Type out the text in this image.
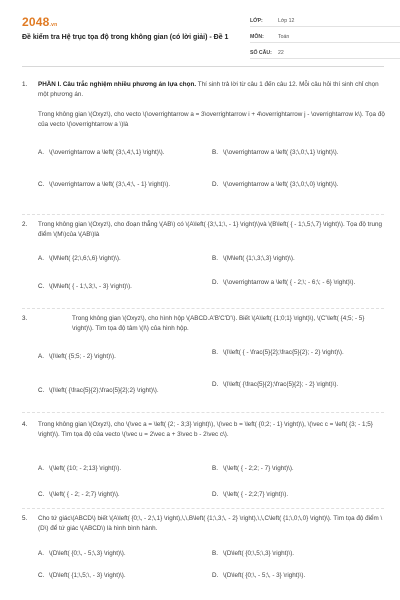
2048.vn
Đề kiểm tra Hệ trục tọa độ trong không gian (có lời giải) - Đề 1
LỚP:	Lớp 12
MÔN:	Toán
SỐ CÂU:	22
1. PHẦN I. Câu trắc nghiệm nhiều phương án lựa chọn. Thí sinh trả lời từ câu 1 đến câu 12. Mỗi câu hỏi thí sinh chỉ chọn một phương án.
Trong không gian \(Oxyz\), cho vecto \(\overrightarrow a = 3\overrightarrow i + 4\overrightarrow j - \overrightarrow k\). Tọa độ của vecto \(\overrightarrow a \)là
A. \(\overrightarrow a \left( {3;\,4;\,1} \right)\).	B. \(\overrightarrow a \left( {3;\,0;\,1} \right)\).
C. \(\overrightarrow a \left( {3;\,4;\, - 1} \right)\).	D. \(\overrightarrow a \left( {3;\,0;\,0} \right)\).
2. Trong không gian \(Oxyz\), cho đoạn thẳng \(AB\) có \(A\left( {3;\,1;\, - 1} \right)\)và \(B\left( { - 1;\,5;\,7} \right)\). Tọa độ trung điểm \(M\)của \(AB\)là
A. \(M\left( {2;\,6;\,6} \right)\).	B. \(M\left( {1;\,3;\,3} \right)\).
C. \(M\left( { - 1;\,3;\, - 3} \right)\).
D. \(\overrightarrow a \left( { - 2;\; - 6;\; - 6} \right)\).
3.	Trong không gian \(Oxyz\), cho hình hộp \(ABCD.A'B'C'D'\). Biết \(A\left( {1;0;1} \right)\), \(C'\left( {4;5; - 5} \right)\). Tìm tọa độ tâm \(I\) của hình hộp.
A. \(I\left( {5;5; - 2} \right)\).
B. \(I\left( { - \frac{5}{2};\frac{5}{2}; - 2} \right)\).
C. \(I\left( {\frac{5}{2};\frac{5}{2};2} \right)\).
D. \(I\left( {\frac{5}{2};\frac{5}{2}; - 2} \right)\).
4. Trong không gian \(Oxyz\), cho \(\vec a = \left( {2; - 3;3} \right)\), \(\vec b = \left( {0;2; - 1} \right)\), \(\vec c = \left( {3; - 1;5} \right)\). Tìm tọa độ của vecto \(\vec u = 2\vec a + 3\vec b - 2\vec c\).
A. \(\left( {10; - 2;13} \right)\).	B. \(\left( { - 2;2; - 7} \right)\).
C. \(\left( { - 2; - 2;7} \right)\).	D. \(\left( { - 2;2;7} \right)\).
5. Cho tứ giác\(ABCD\) biết \(A\left( {0;\, - 2;\,1} \right),\,\,B\left( {1;\,3;\, - 2} \right),\,\,C\left( {1;\,0;\,0} \right)\). Tìm tọa độ điểm \(D\) để tứ giác \(ABCD\) là hình bình hành.
A. \(D\left( {0;\, - 5;\,3} \right)\).	B. \(D\left( {0;\,5;\,3} \right)\).
C. \(D\left( {1;\,5;\, - 3} \right)\).	D. \(D\left( {0;\, - 5;\, - 3} \right)\).
